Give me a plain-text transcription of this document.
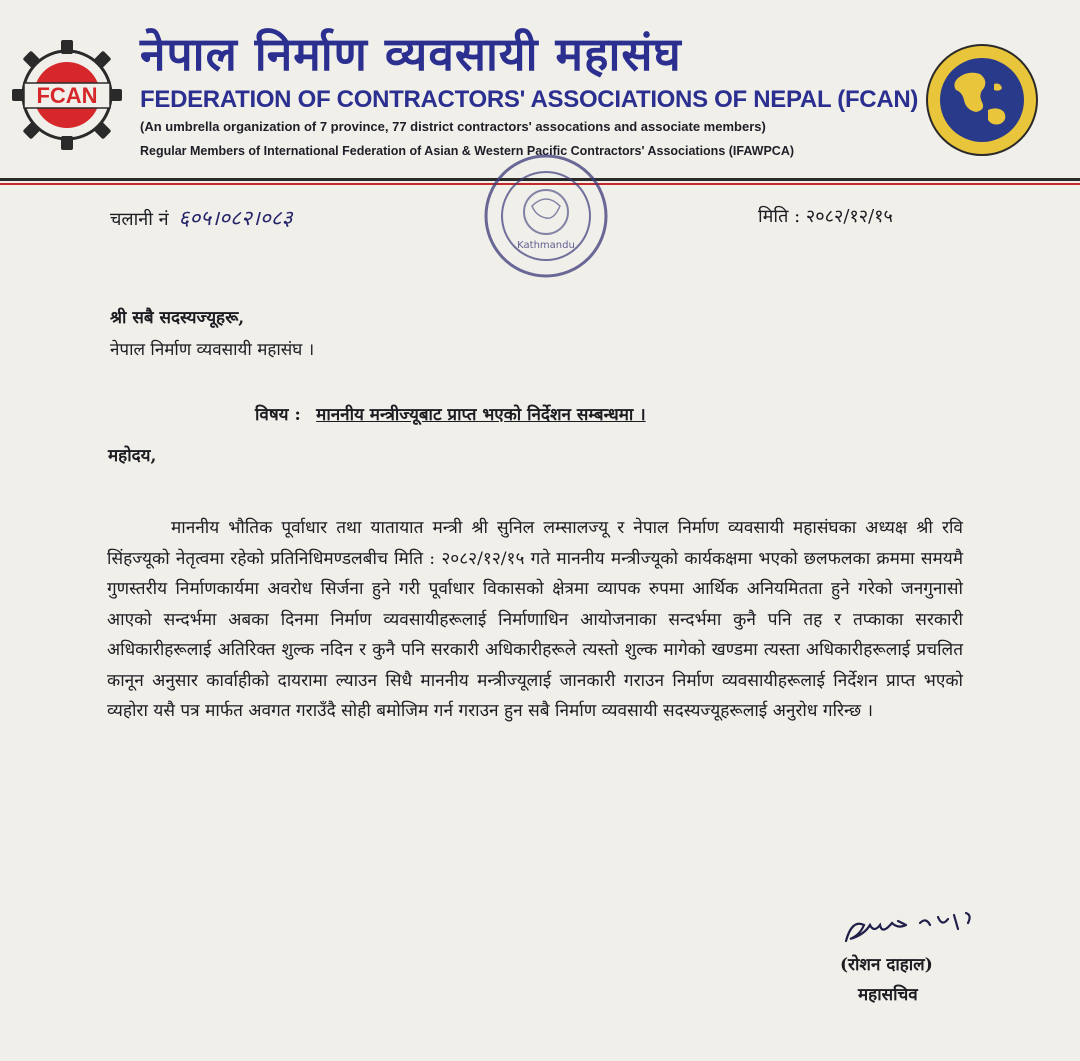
FCAN
नेपाल निर्माण व्यवसायी महासंघ
FEDERATION OF CONTRACTORS' ASSOCIATIONS OF NEPAL (FCAN)
(An umbrella organization of 7 province, 77 district contractors' assocations and associate members)
Regular Members of International Federation of Asian & Western Pacific Contractors' Associations (IFAWPCA)
Kathmandu
चलानी नं ६०५।०८२।०८३	मिति : २०८२/१२/१५
श्री सबै सदस्यज्यूहरू,
नेपाल निर्माण व्यवसायी महासंघ ।
विषय : माननीय मन्त्रीज्यूबाट प्राप्त भएको निर्देशन सम्बन्धमा ।
महोदय,
माननीय भौतिक पूर्वाधार तथा यातायात मन्त्री श्री सुनिल लम्सालज्यू र नेपाल निर्माण व्यवसायी महासंघका अध्यक्ष श्री रवि सिंहज्यूको नेतृत्वमा रहेको प्रतिनिधिमण्डलबीच मिति : २०८२/१२/१५ गते माननीय मन्त्रीज्यूको कार्यकक्षमा भएको छलफलका क्रममा समयमै गुणस्तरीय निर्माणकार्यमा अवरोध सिर्जना हुने गरी पूर्वाधार विकासको क्षेत्रमा व्यापक रुपमा आर्थिक अनियमितता हुने गरेको जनगुनासो आएको सन्दर्भमा अबका दिनमा निर्माण व्यवसायीहरूलाई निर्माणाधिन आयोजनाका सन्दर्भमा कुनै पनि तह र तप्काका सरकारी अधिकारीहरूलाई अतिरिक्त शुल्क नदिन र कुनै पनि सरकारी अधिकारीहरूले त्यस्तो शुल्क मागेको खण्डमा त्यस्ता अधिकारीहरूलाई प्रचलित कानून अनुसार कार्वाहीको दायरामा ल्याउन सिधै माननीय मन्त्रीज्यूलाई जानकारी गराउन निर्माण व्यवसायीहरूलाई निर्देशन प्राप्त भएको व्यहोरा यसै पत्र मार्फत अवगत गराउँदै सोही बमोजिम गर्न गराउन हुन सबै निर्माण व्यवसायी सदस्यज्यूहरूलाई अनुरोध गरिन्छ ।
(रोशन दाहाल)
महासचिव
